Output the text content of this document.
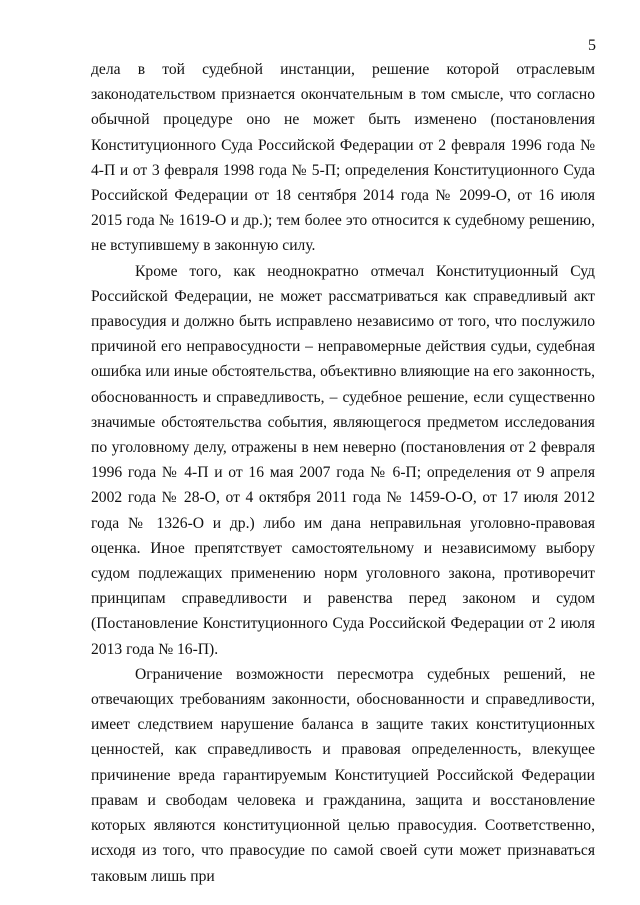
5

дела в той судебной инстанции, решение которой отраслевым законодательством признается окончательным в том смысле, что согласно обычной процедуре оно не может быть изменено (постановления Конституционного Суда Российской Федерации от 2 февраля 1996 года № 4-П и от 3 февраля 1998 года № 5-П; определения Конституционного Суда Российской Федерации от 18 сентября 2014 года № 2099-О, от 16 июля 2015 года № 1619-О и др.); тем более это относится к судебному решению, не вступившему в законную силу.

Кроме того, как неоднократно отмечал Конституционный Суд Российской Федерации, не может рассматриваться как справедливый акт правосудия и должно быть исправлено независимо от того, что послужило причиной его неправосудности – неправомерные действия судьи, судебная ошибка или иные обстоятельства, объективно влияющие на его законность, обоснованность и справедливость, – судебное решение, если существенно значимые обстоятельства события, являющегося предметом исследования по уголовному делу, отражены в нем неверно (постановления от 2 февраля 1996 года № 4-П и от 16 мая 2007 года № 6-П; определения от 9 апреля 2002 года № 28-О, от 4 октября 2011 года № 1459-О-О, от 17 июля 2012 года № 1326-О и др.) либо им дана неправильная уголовно-правовая оценка. Иное препятствует самостоятельному и независимому выбору судом подлежащих применению норм уголовного закона, противоречит принципам справедливости и равенства перед законом и судом (Постановление Конституционного Суда Российской Федерации от 2 июля 2013 года № 16-П).

Ограничение возможности пересмотра судебных решений, не отвечающих требованиям законности, обоснованности и справедливости, имеет следствием нарушение баланса в защите таких конституционных ценностей, как справедливость и правовая определенность, влекущее причинение вреда гарантируемым Конституцией Российской Федерации правам и свободам человека и гражданина, защита и восстановление которых являются конституционной целью правосудия. Соответственно, исходя из того, что правосудие по самой своей сути может признаваться таковым лишь при
